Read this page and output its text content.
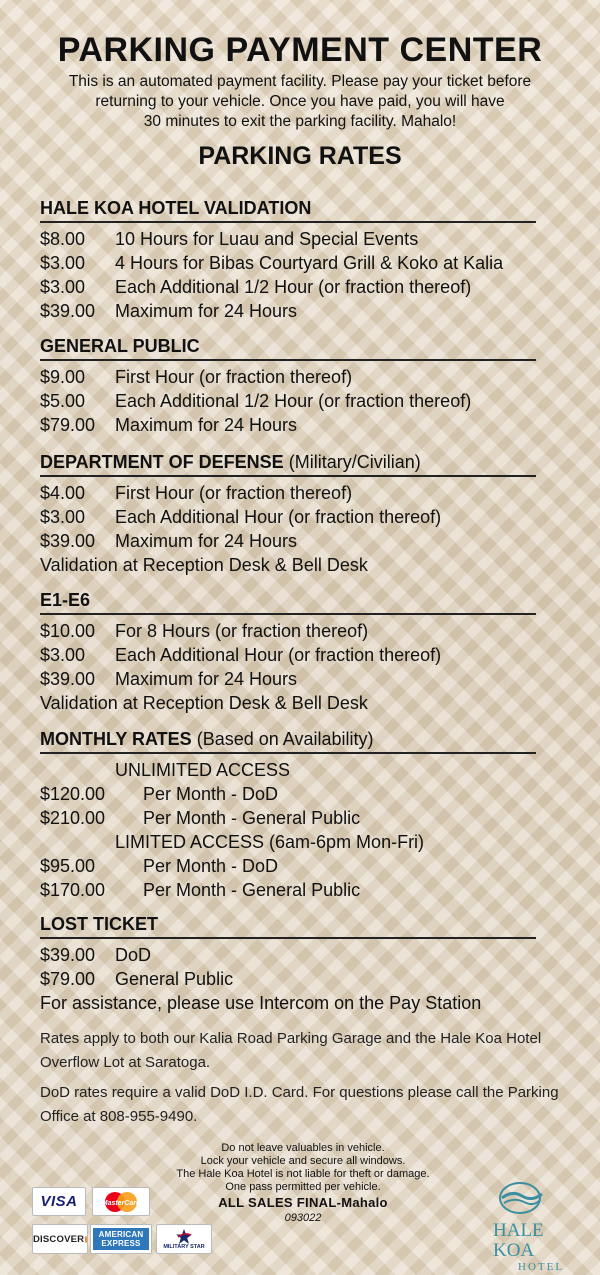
PARKING PAYMENT CENTER
This is an automated payment facility. Please pay your ticket before
returning to your vehicle. Once you have paid, you will have
30 minutes to exit the parking facility. Mahalo!
PARKING RATES
HALE KOA HOTEL VALIDATION
$8.00 10 Hours for Luau and Special Events
$3.00 4 Hours for Bibas Courtyard Grill & Koko at Kalia
$3.00 Each Additional 1/2 Hour (or fraction thereof)
$39.00 Maximum for 24 Hours
GENERAL PUBLIC
$9.00 First Hour (or fraction thereof)
$5.00 Each Additional 1/2 Hour (or fraction thereof)
$79.00 Maximum for 24 Hours
DEPARTMENT OF DEFENSE (Military/Civilian)
$4.00 First Hour (or fraction thereof)
$3.00 Each Additional Hour (or fraction thereof)
$39.00 Maximum for 24 Hours
Validation at Reception Desk & Bell Desk
E1-E6
$10.00 For 8 Hours (or fraction thereof)
$3.00 Each Additional Hour (or fraction thereof)
$39.00 Maximum for 24 Hours
Validation at Reception Desk & Bell Desk
MONTHLY RATES (Based on Availability)
UNLIMITED ACCESS
$120.00 Per Month - DoD
$210.00 Per Month - General Public
LIMITED ACCESS (6am-6pm Mon-Fri)
$95.00	Per Month - DoD
$170.00 Per Month - General Public
LOST TICKET
$39.00 DoD
$79.00 General Public
For assistance, please use Intercom on the Pay Station
Rates apply to both our Kalia Road Parking Garage and the Hale Koa Hotel Overflow Lot at Saratoga.
DoD rates require a valid DoD I.D. Card. For questions please call the Parking Office at 808-955-9490.
Do not leave valuables in vehicle.
Lock your vehicle and secure all windows.
The Hale Koa Hotel is not liable for theft or damage.
One pass permitted per vehicle.
ALL SALES FINAL-Mahalo
093022
VISA	MasterCard
DISCOVER	AMERICAN EXPRESS	MILITARY STAR
HALE KOA
HOTEL
